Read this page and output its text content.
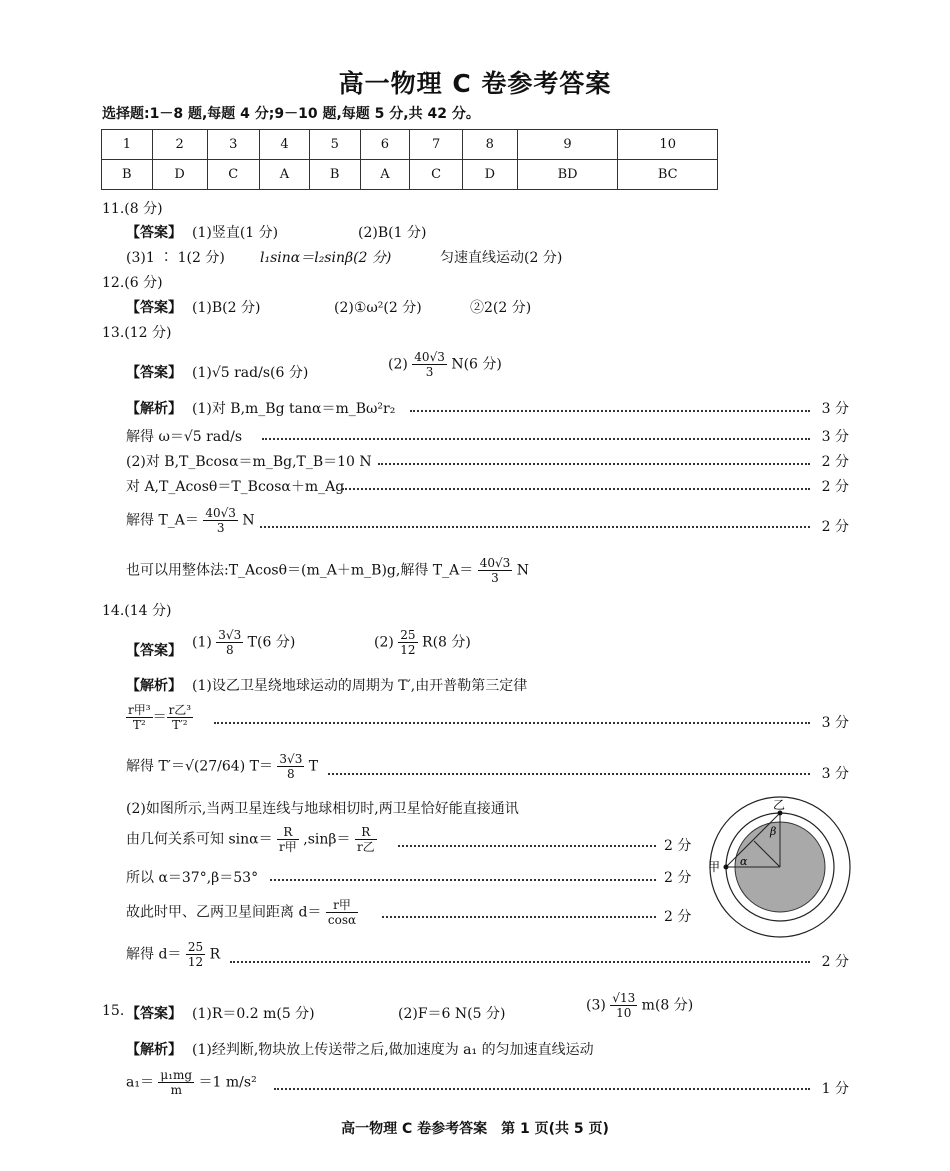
高一物理 C 卷参考答案
选择题:1－8 题,每题 4 分;9－10 题,每题 5 分,共 42 分。
1	2	3	4	5	6	7	8	9	10
B	D	C	A	B	A	C	D	BD	BC
11.(8 分)
【答案】 (1)竖直(1 分)	(2)B(1 分)
(3)1 ∶ 1(2 分)	l₁sinα＝l₂sinβ(2 分)	匀速直线运动(2 分)
12.(6 分)
【答案】 (1)B(2 分)	(2)①ω²(2 分)	②2(2 分)
13.(12 分)
【答案】 (1)√5 rad/s(6 分)
$(2) \frac{40√3}{3} N(6$ 分)
【解析】 (1)对 B,m_Bg tanα＝m_Bω²r₂	3 分
解得 ω＝√5 rad/s	3 分
(2)对 B,T_Bcosα＝m_Bg,T_B＝10 N	2 分
对 A,T_Acosθ＝T_Bcosα＋m_Ag	2 分
解得 T_A＝ $\frac{40√3}{3}$ N	2 分
也可以用整体法:T_Acosθ＝(m_A＋m_B)g,解得 T_A＝ $\frac{40√3}{3}$ N
14.(14 分)
【答案】
$(1) \frac{3√3}{8} T(6$ 分)	$(2) \frac{25}{12} R(8$ 分)
【解析】 (1)设乙卫星绕地球运动的周期为 T′,由开普勒第三定律
$\frac{\text{r甲³}}{\text{T²}} = \frac{\text{r乙³}}{\text{T′²}}$	3 分
解得 T′＝√(27/64) $T= \frac{3√3}{8}$ T	3 分
(2)如图所示,当两卫星连线与地球相切时,两卫星恰好能直接通讯
由几何关系可知 $\sin\alpha= \frac{R}{\text{r甲}} ,\sin\beta= \frac{R}{\text{r乙}}$	2 分
所以 α＝37°,β＝53°	2 分
故此时甲、乙两卫星间距离 $d= \frac{\text{r甲}}{\cos\alpha}$	2 分
解得 $d= \frac{25}{12}$ R	2 分
乙
甲 α
β
15. 【答案】 (1)R＝0.2 m(5 分)	(2)F＝6 N(5 分)
$(3) \frac{√13}{10} m(8$ 分)
【解析】 (1)经判断,物块放上传送带之后,做加速度为 a₁ 的匀加速直线运动
$a_1= \frac{\text{μ₁mg}}{m} =1$ m/s²	1 分
高一物理 C 卷参考答案　第 1 页(共 5 页)
